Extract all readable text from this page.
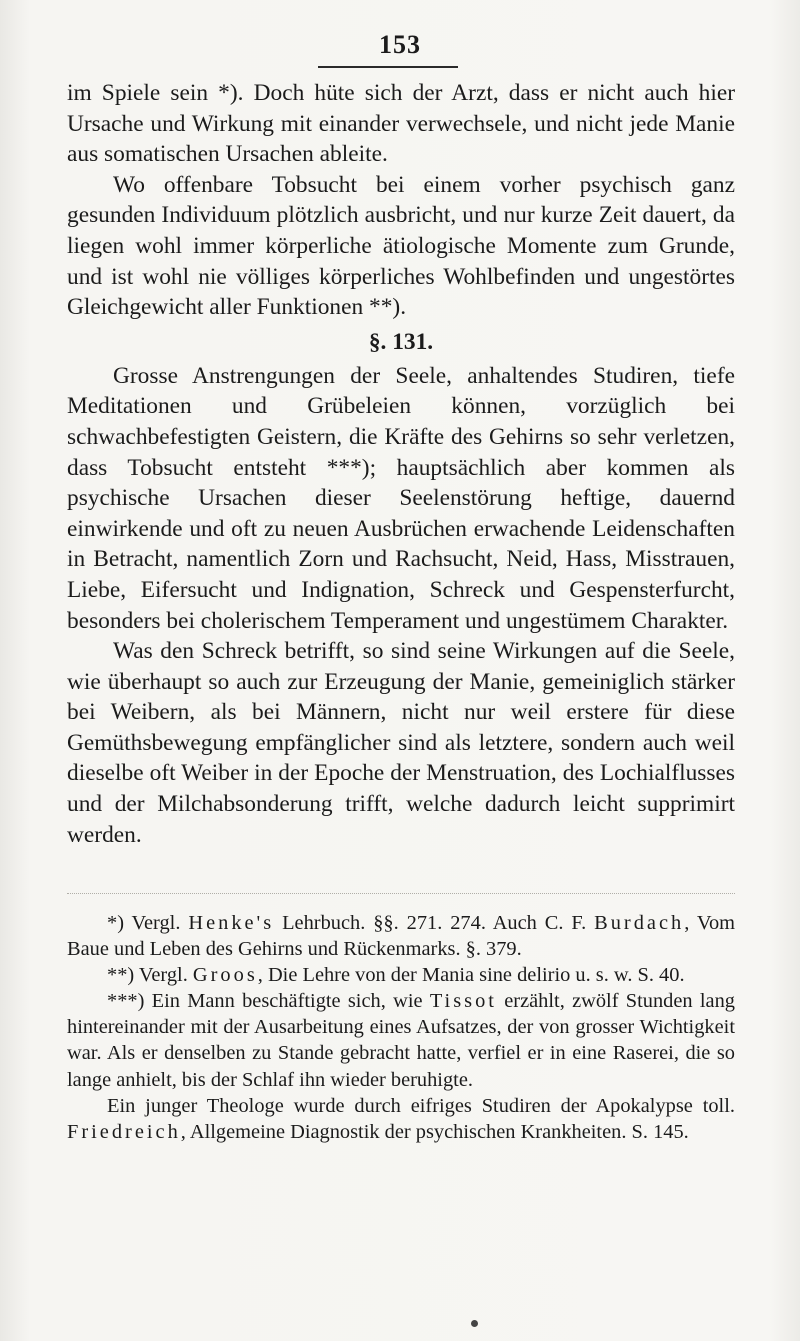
153

im Spiele sein *). Doch hüte sich der Arzt, dass er nicht auch hier Ursache und Wirkung mit einander verwechsele, und nicht jede Manie aus somatischen Ursachen ableite.

Wo offenbare Tobsucht bei einem vorher psychisch ganz gesunden Individuum plötzlich ausbricht, und nur kurze Zeit dauert, da liegen wohl immer körperliche ätiologische Momente zum Grunde, und ist wohl nie völliges körperliches Wohlbefinden und ungestörtes Gleichgewicht aller Funktionen **).

§. 131.

Grosse Anstrengungen der Seele, anhaltendes Studiren, tiefe Meditationen und Grübeleien können, vorzüglich bei schwachbefestigten Geistern, die Kräfte des Gehirns so sehr verletzen, dass Tobsucht entsteht ***); hauptsächlich aber kommen als psychische Ursachen dieser Seelenstörung heftige, dauernd einwirkende und oft zu neuen Ausbrüchen erwachende Leidenschaften in Betracht, namentlich Zorn und Rachsucht, Neid, Hass, Misstrauen, Liebe, Eifersucht und Indignation, Schreck und Gespensterfurcht, besonders bei cholerischem Temperament und ungestümem Charakter.

Was den Schreck betrifft, so sind seine Wirkungen auf die Seele, wie überhaupt so auch zur Erzeugung der Manie, gemeiniglich stärker bei Weibern, als bei Männern, nicht nur weil erstere für diese Gemüthsbewegung empfänglicher sind als letztere, sondern auch weil dieselbe oft Weiber in der Epoche der Menstruation, des Lochialflusses und der Milchabsonderung trifft, welche dadurch leicht supprimirt werden.

*) Vergl. Henke's Lehrbuch. §§. 271. 274. Auch C. F. Burdach, Vom Baue und Leben des Gehirns und Rückenmarks. §. 379.

**) Vergl. Groos, Die Lehre von der Mania sine delirio u. s. w. S. 40.

***) Ein Mann beschäftigte sich, wie Tissot erzählt, zwölf Stunden lang hintereinander mit der Ausarbeitung eines Aufsatzes, der von grosser Wichtigkeit war. Als er denselben zu Stande gebracht hatte, verfiel er in eine Raserei, die so lange anhielt, bis der Schlaf ihn wieder beruhigte.

Ein junger Theologe wurde durch eifriges Studiren der Apokalypse toll. Friedreich, Allgemeine Diagnostik der psychischen Krankheiten. S. 145.
